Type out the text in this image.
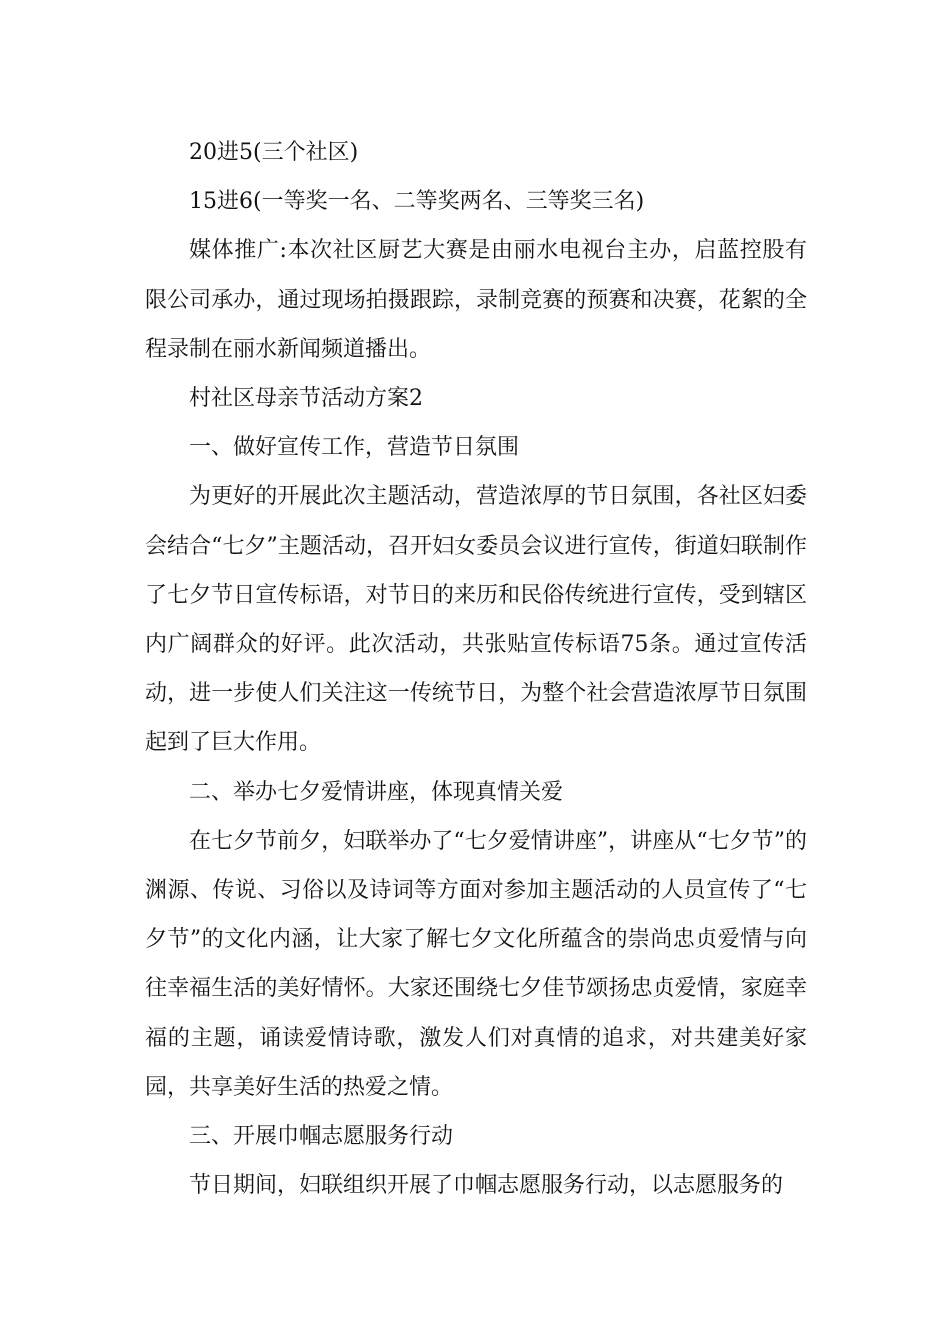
20进5(三个社区)

15进6(一等奖一名、二等奖两名、三等奖三名)

媒体推广:本次社区厨艺大赛是由丽水电视台主办，启蓝控股有限公司承办，通过现场拍摄跟踪，录制竞赛的预赛和决赛，花絮的全程录制在丽水新闻频道播出。

村社区母亲节活动方案2

一、做好宣传工作，营造节日氛围

为更好的开展此次主题活动，营造浓厚的节日氛围，各社区妇委会结合“七夕”主题活动，召开妇女委员会议进行宣传，街道妇联制作了七夕节日宣传标语，对节日的来历和民俗传统进行宣传，受到辖区内广阔群众的好评。此次活动，共张贴宣传标语75条。通过宣传活动，进一步使人们关注这一传统节日，为整个社会营造浓厚节日氛围起到了巨大作用。

二、举办七夕爱情讲座，体现真情关爱

在七夕节前夕，妇联举办了“七夕爱情讲座”，讲座从“七夕节”的渊源、传说、习俗以及诗词等方面对参加主题活动的人员宣传了“七夕节”的文化内涵，让大家了解七夕文化所蕴含的崇尚忠贞爱情与向往幸福生活的美好情怀。大家还围绕七夕佳节颂扬忠贞爱情，家庭幸福的主题，诵读爱情诗歌，激发人们对真情的追求，对共建美好家园，共享美好生活的热爱之情。

三、开展巾帼志愿服务行动

节日期间，妇联组织开展了巾帼志愿服务行动，以志愿服务的
